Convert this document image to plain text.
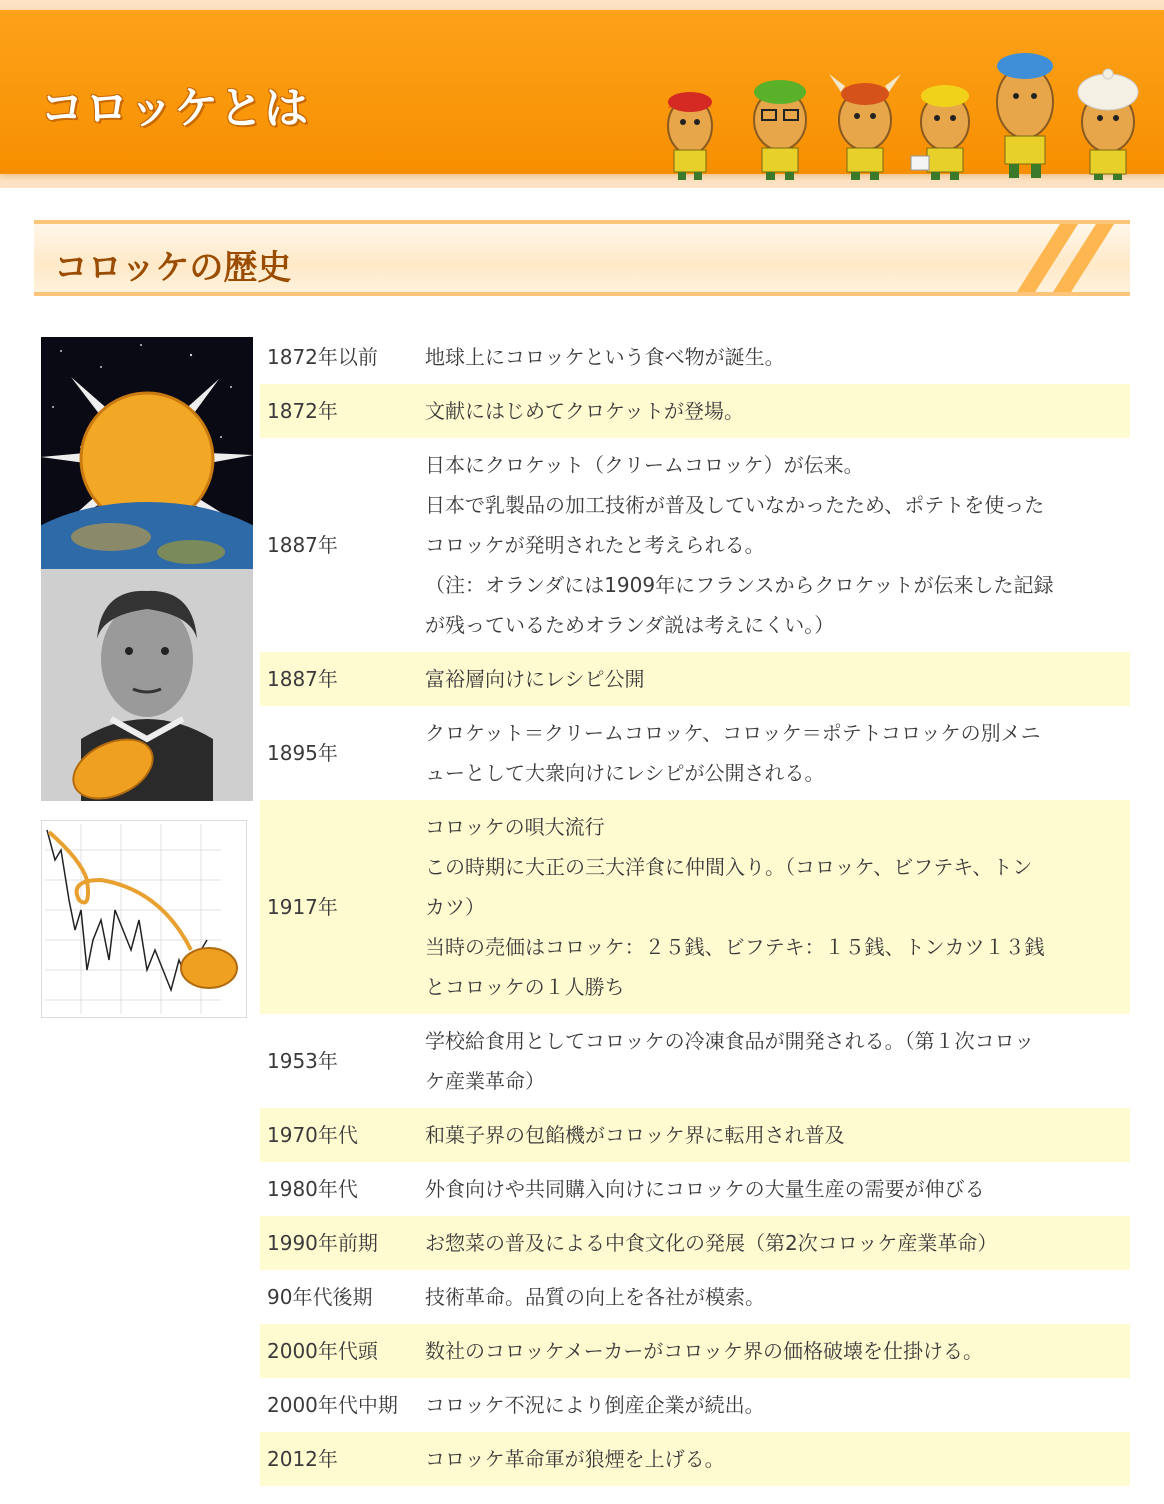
コロッケとは
コロッケの歴史
1872年以前	地球上にコロッケという食べ物が誕生。

1872年	文献にはじめてクロケットが登場。

1887年	日本にクロケット（クリームコロッケ）が伝来。
日本で乳製品の加工技術が普及していなかったため、ポテトを使った
コロッケが発明されたと考えられる。
（注：オランダには1909年にフランスからクロケットが伝来した記録
が残っているためオランダ説は考えにくい。）

1887年	富裕層向けにレシピ公開

1895年	クロケット＝クリームコロッケ、コロッケ＝ポテトコロッケの別メニ
ューとして大衆向けにレシピが公開される。

1917年	コロッケの唄大流行
この時期に大正の三大洋食に仲間入り。（コロッケ、ビフテキ、トン
カツ）
当時の売価はコロッケ：２５銭、ビフテキ：１５銭、トンカツ１３銭
とコロッケの１人勝ち

1953年	学校給食用としてコロッケの冷凍食品が開発される。（第１次コロッ
ケ産業革命）

1970年代	和菓子界の包餡機がコロッケ界に転用され普及

1980年代	外食向けや共同購入向けにコロッケの大量生産の需要が伸びる

1990年前期	お惣菜の普及による中食文化の発展（第2次コロッケ産業革命）

90年代後期	技術革命。品質の向上を各社が模索。

2000年代頭	数社のコロッケメーカーがコロッケ界の価格破壊を仕掛ける。

2000年代中期	コロッケ不況により倒産企業が続出。

2012年	コロッケ革命軍が狼煙を上げる。
